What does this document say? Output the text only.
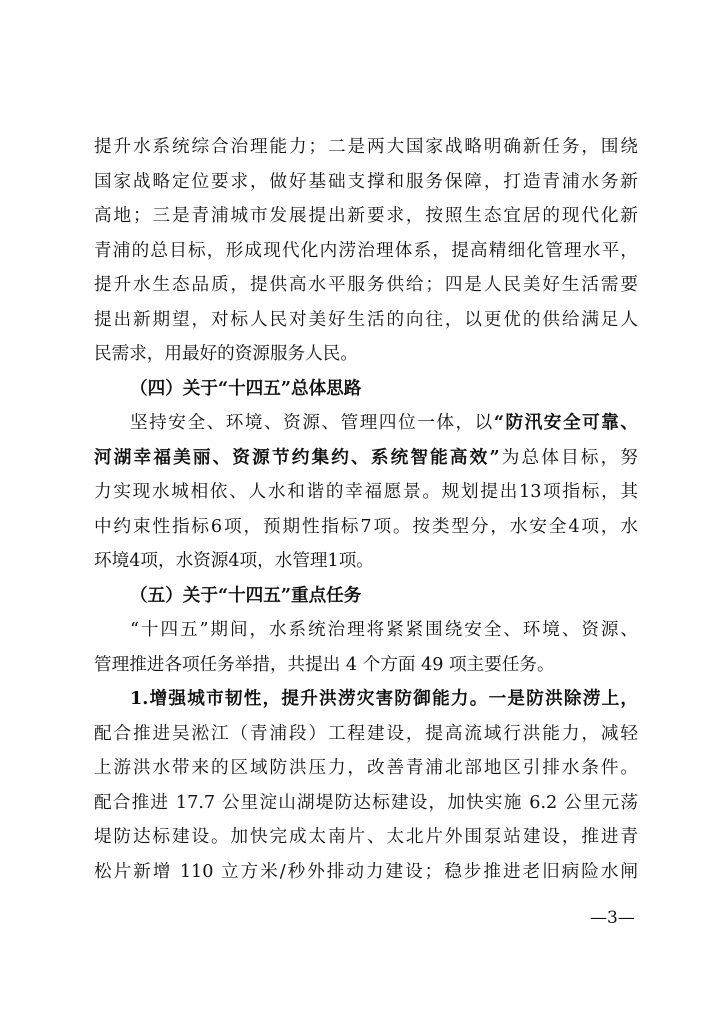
提升水系统综合治理能力；二是两大国家战略明确新任务，围绕
国家战略定位要求，做好基础支撑和服务保障，打造青浦水务新
高地；三是青浦城市发展提出新要求，按照生态宜居的现代化新
青浦的总目标，形成现代化内涝治理体系，提高精细化管理水平，
提升水生态品质，提供高水平服务供给；四是人民美好生活需要
提出新期望，对标人民对美好生活的向往，以更优的供给满足人
民需求，用最好的资源服务人民。
（四）关于“十四五”总体思路
坚持安全、环境、资源、管理四位一体，以“防汛安全可靠、
河湖幸福美丽、资源节约集约、系统智能高效”为总体目标，努
力实现水城相依、人水和谐的幸福愿景。规划提出13项指标，其
中约束性指标6项，预期性指标7项。按类型分，水安全4项，水
环境4项，水资源4项，水管理1项。
（五）关于“十四五”重点任务
“十四五”期间，水系统治理将紧紧围绕安全、环境、资源、
管理推进各项任务举措，共提出 4 个方面 49 项主要任务。
1.增强城市韧性，提升洪涝灾害防御能力。一是防洪除涝上，
配合推进吴淞江（青浦段）工程建设，提高流域行洪能力，减轻
上游洪水带来的区域防洪压力，改善青浦北部地区引排水条件。
配合推进 17.7 公里淀山湖堤防达标建设，加快实施 6.2 公里元荡
堤防达标建设。加快完成太南片、太北片外围泵站建设，推进青
松片新增 110 立方米/秒外排动力建设；稳步推进老旧病险水闸
—3—
